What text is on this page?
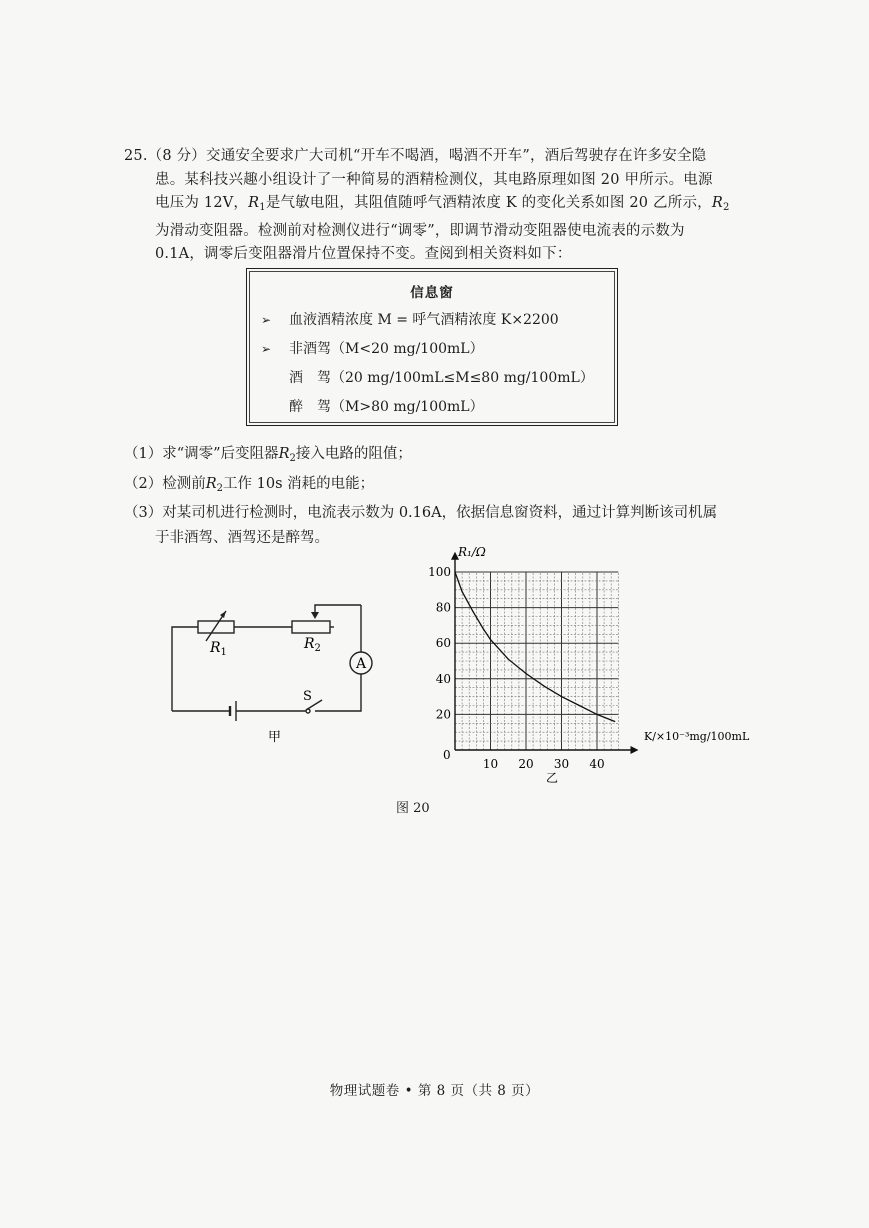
25.（8 分）交通安全要求广大司机“开车不喝酒，喝酒不开车”，酒后驾驶存在许多安全隐
患。某科技兴趣小组设计了一种简易的酒精检测仪，其电路原理如图 20 甲所示。电源
电压为 12V，$R_1$是气敏电阻，其阻值随呼气酒精浓度 K 的变化关系如图 20 乙所示，$R_2$
为滑动变阻器。检测前对检测仪进行“调零”，即调节滑动变阻器使电流表的示数为
0.1A，调零后变阻器滑片位置保持不变。查阅到相关资料如下：
信息窗
➢ 血液酒精浓度 M = 呼气酒精浓度 K×2200
➢ 非酒驾（M<20 mg/100mL）
酒　驾（20 mg/100mL≤M≤80 mg/100mL）
醉　驾（M>80 mg/100mL）
（1）求“调零”后变阻器$R_2$接入电路的阻值；
（2）检测前$R_2$工作 10s 消耗的电能；
（3）对某司机进行检测时，电流表示数为 0.16A，依据信息窗资料，通过计算判断该司机属
于非酒驾、酒驾还是醉驾。
$R_1$
$R_2$
A
S
甲
10 20 30 40
20
40
60
80
100
R₁/Ω
K/×10⁻³mg/100mL
0
乙
图 20
物理试题卷 • 第 8 页（共 8 页）
